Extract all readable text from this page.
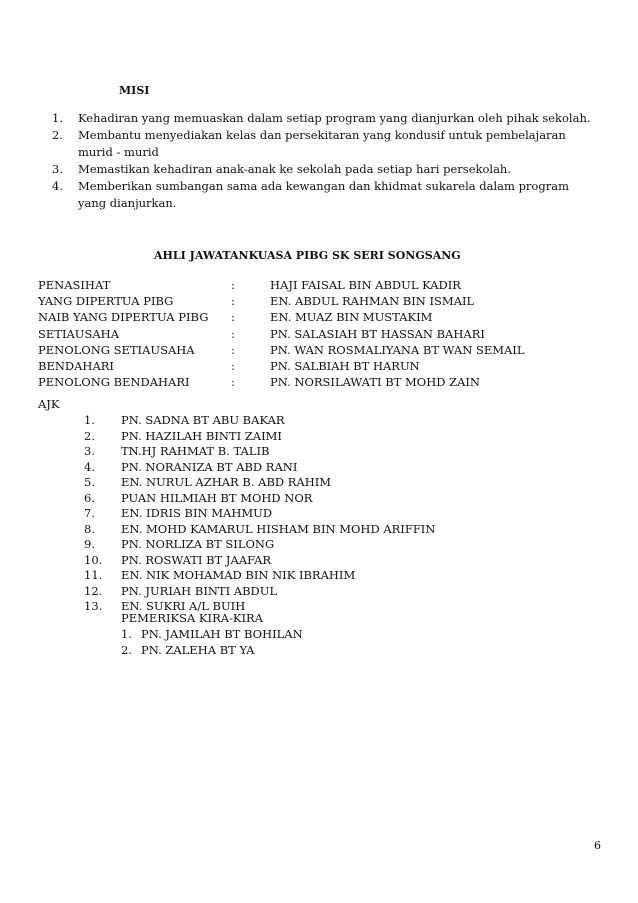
MISI
1.	Kehadiran yang memuaskan dalam setiap program yang dianjurkan oleh pihak sekolah.
2.	Membantu menyediakan kelas dan persekitaran yang kondusif untuk pembelajaran murid - murid
3.	Memastikan kehadiran anak-anak ke sekolah pada setiap hari persekolah.
4.	Memberikan sumbangan sama ada kewangan dan khidmat sukarela dalam program yang dianjurkan.
AHLI JAWATANKUASA PIBG SK SERI SONGSANG
PENASIHAT	:	HAJI FAISAL BIN ABDUL KADIR
YANG DIPERTUA PIBG	:	EN. ABDUL RAHMAN BIN ISMAIL
NAIB YANG DIPERTUA PIBG :	EN. MUAZ BIN MUSTAKIM
SETIAUSAHA	:	PN. SALASIAH BT HASSAN BAHARI
PENOLONG SETIAUSAHA	:	PN. WAN ROSMALIYANA BT WAN SEMAIL
BENDAHARI	:	PN. SALBIAH BT HARUN
PENOLONG BENDAHARI	:	PN. NORSILAWATI BT MOHD ZAIN
AJK
1. PN. SADNA BT ABU BAKAR
2. PN. HAZILAH BINTI ZAIMI
3. TN.HJ RAHMAT B. TALIB
4. PN. NORANIZA BT ABD RANI
5. EN. NURUL AZHAR B. ABD RAHIM
6. PUAN HILMIAH BT MOHD NOR
7. EN. IDRIS BIN MAHMUD
8. EN. MOHD KAMARUL HISHAM BIN MOHD ARIFFIN
9. PN. NORLIZA BT SILONG
10. PN. ROSWATI BT JAAFAR
11. EN. NIK MOHAMAD BIN NIK IBRAHIM
12. PN. JURIAH BINTI ABDUL
13. EN. SUKRI A/L BUIH
PEMERIKSA KIRA-KIRA
1. PN. JAMILAH BT BOHILAN
2. PN. ZALEHA BT YA
6
